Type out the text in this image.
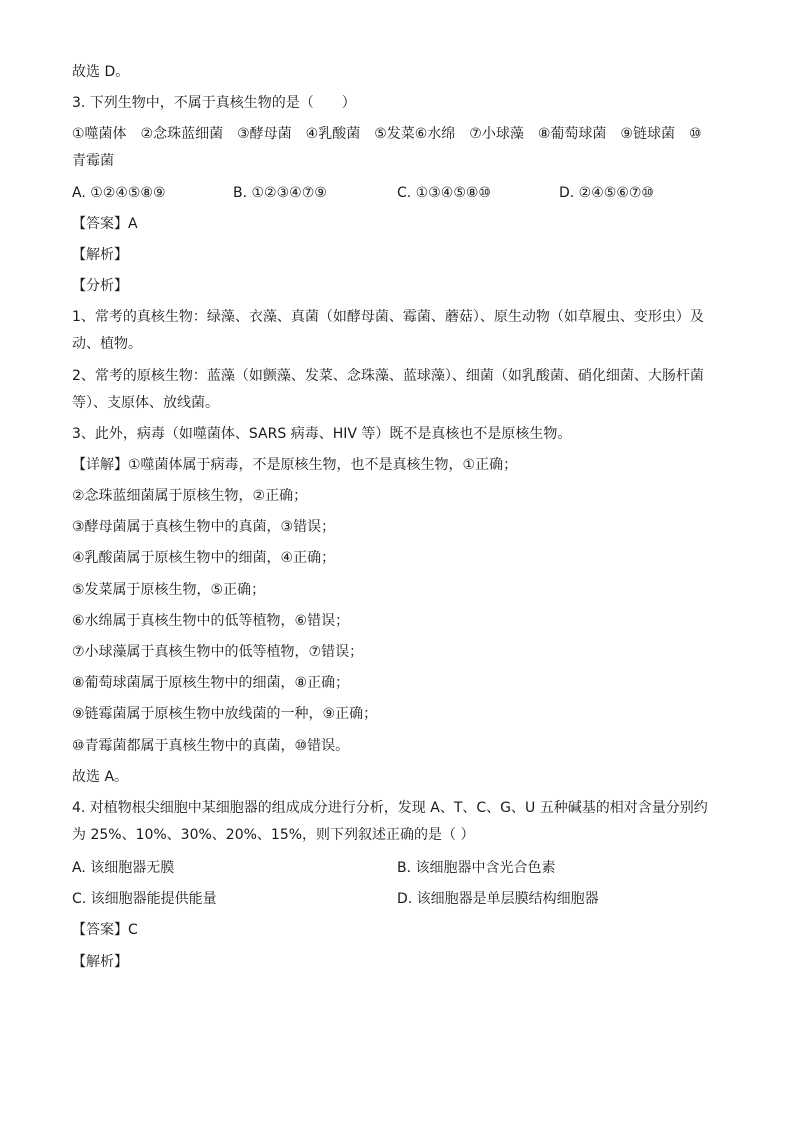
故选 D。
3. 下列生物中，不属于真核生物的是（　　）
①噬菌体　②念珠蓝细菌　③酵母菌　④乳酸菌　⑤发菜⑥水绵　⑦小球藻　⑧葡萄球菌　⑨链球菌　⑩
青霉菌
A. ①②④⑤⑧⑨	B. ①②③④⑦⑨	C. ①③④⑤⑧⑩	D. ②④⑤⑥⑦⑩
【答案】A
【解析】
【分析】
1、常考的真核生物：绿藻、衣藻、真菌（如酵母菌、霉菌、蘑菇）、原生动物（如草履虫、变形虫）及
动、植物。
2、常考的原核生物：蓝藻（如颤藻、发菜、念珠藻、蓝球藻）、细菌（如乳酸菌、硝化细菌、大肠杆菌
等）、支原体、放线菌。
3、此外，病毒（如噬菌体、SARS 病毒、HIV 等）既不是真核也不是原核生物。
【详解】①噬菌体属于病毒，不是原核生物，也不是真核生物，①正确；
②念珠蓝细菌属于原核生物，②正确；
③酵母菌属于真核生物中的真菌，③错误；
④乳酸菌属于原核生物中的细菌，④正确；
⑤发菜属于原核生物，⑤正确；
⑥水绵属于真核生物中的低等植物，⑥错误；
⑦小球藻属于真核生物中的低等植物，⑦错误；
⑧葡萄球菌属于原核生物中的细菌，⑧正确；
⑨链霉菌属于原核生物中放线菌的一种，⑨正确；
⑩青霉菌都属于真核生物中的真菌，⑩错误。
故选 A。
4. 对植物根尖细胞中某细胞器的组成成分进行分析，发现 A、T、C、G、U 五种碱基的相对含量分别约
为 25%、10%、30%、20%、15%，则下列叙述正确的是（ ）
A. 该细胞器无膜	B. 该细胞器中含光合色素
C. 该细胞器能提供能量	D. 该细胞器是单层膜结构细胞器
【答案】C
【解析】
